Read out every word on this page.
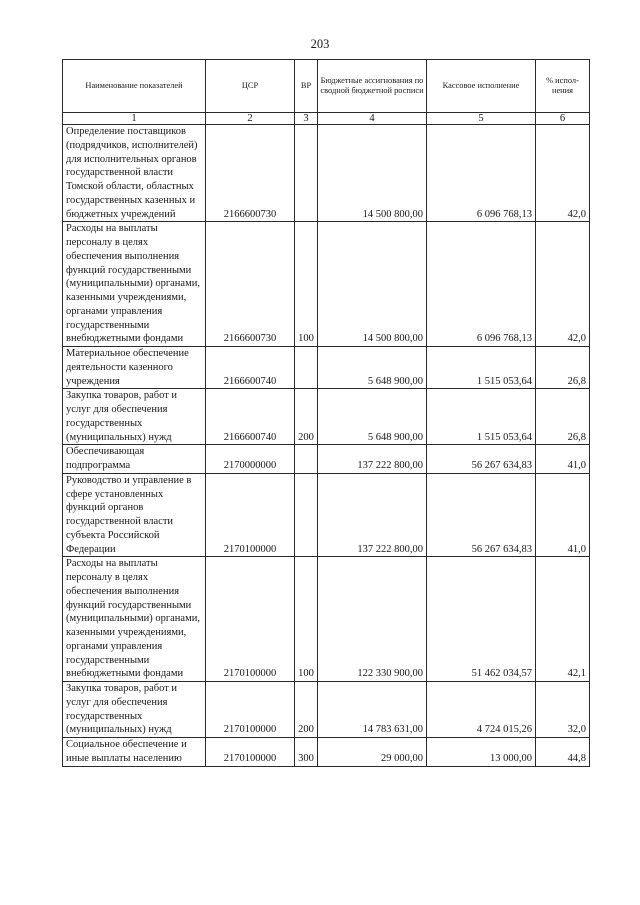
203
Наименование показателей	ЦСР	ВР	Бюджетные ассигнования по сводной бюджетной росписи	Кассовое исполнение	% испол-нения
1	2	3	4	5	6
Определение поставщиков (подрядчиков, исполнителей) для исполнительных органов государственной власти Томской области, областных государственных казенных и бюджетных учреждений	2166600730		14 500 800,00	6 096 768,13	42,0
Расходы на выплаты персоналу в целях обеспечения выполнения функций государственными (муниципальными) органами, казенными учреждениями, органами управления государственными внебюджетными фондами	2166600730	100	14 500 800,00	6 096 768,13	42,0
Материальное обеспечение деятельности казенного учреждения	2166600740		5 648 900,00	1 515 053,64	26,8
Закупка товаров, работ и услуг для обеспечения государственных (муниципальных) нужд	2166600740	200	5 648 900,00	1 515 053,64	26,8
Обеспечивающая подпрограмма	2170000000		137 222 800,00	56 267 634,83	41,0
Руководство и управление в сфере установленных функций органов государственной власти субъекта Российской Федерации	2170100000		137 222 800,00	56 267 634,83	41,0
Расходы на выплаты персоналу в целях обеспечения выполнения функций государственными (муниципальными) органами, казенными учреждениями, органами управления государственными внебюджетными фондами	2170100000	100	122 330 900,00	51 462 034,57	42,1
Закупка товаров, работ и услуг для обеспечения государственных (муниципальных) нужд	2170100000	200	14 783 631,00	4 724 015,26	32,0
Социальное обеспечение и иные выплаты населению	2170100000	300	29 000,00	13 000,00	44,8
